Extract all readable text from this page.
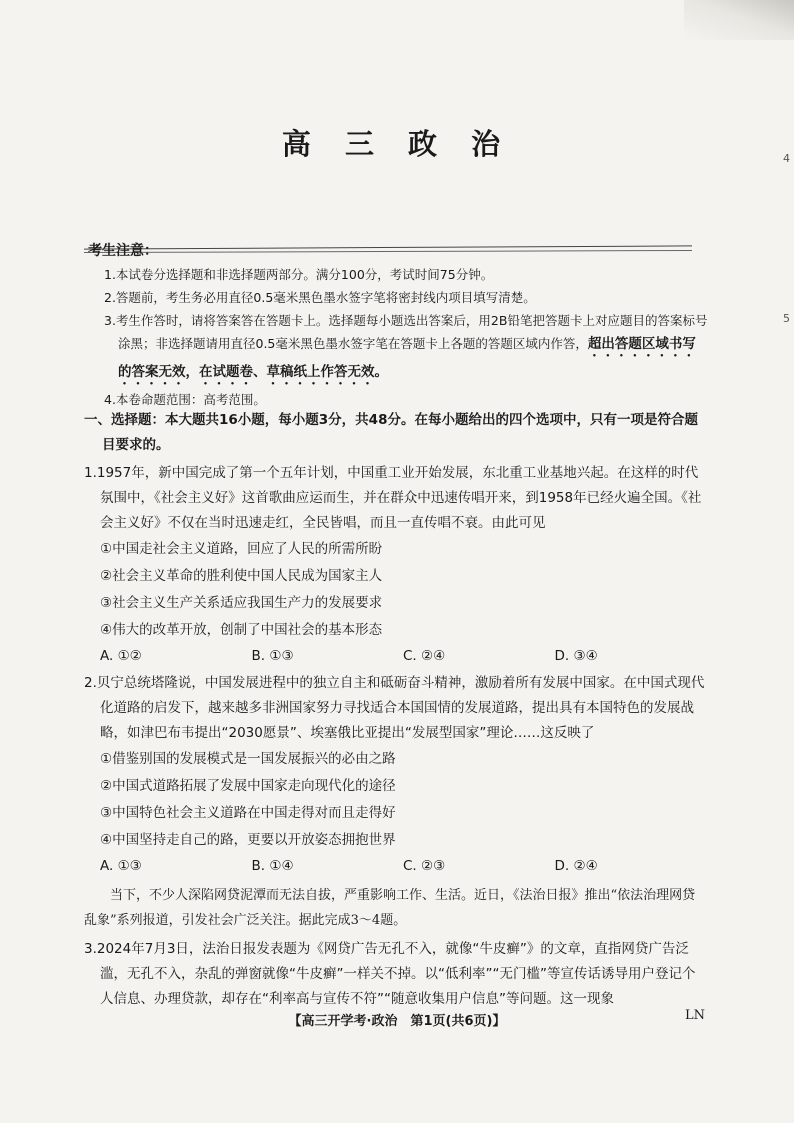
4
5
高 三 政 治
考生注意：
1.本试卷分选择题和非选择题两部分。满分100分，考试时间75分钟。
2.答题前，考生务必用直径0.5毫米黑色墨水签字笔将密封线内项目填写清楚。
3.考生作答时，请将答案答在答题卡上。选择题每小题选出答案后，用2B铅笔把答题卡上对应题目的答案标号涂黑；非选择题请用直径0.5毫米黑色墨水签字笔在答题卡上各题的答题区域内作答，超出答题区域书写的答案无效，在试题卷、草稿纸上作答无效。
4.本卷命题范围：高考范围。
一、选择题：本大题共16小题，每小题3分，共48分。在每小题给出的四个选项中，只有一项是符合题目要求的。
1.1957年，新中国完成了第一个五年计划，中国重工业开始发展，东北重工业基地兴起。在这样的时代氛围中，《社会主义好》这首歌曲应运而生，并在群众中迅速传唱开来，到1958年已经火遍全国。《社会主义好》不仅在当时迅速走红，全民皆唱，而且一直传唱不衰。由此可见
①中国走社会主义道路，回应了人民的所需所盼
②社会主义革命的胜利使中国人民成为国家主人
③社会主义生产关系适应我国生产力的发展要求
④伟大的改革开放，创制了中国社会的基本形态
A. ①②	B. ①③	C. ②④	D. ③④
2.贝宁总统塔隆说，中国发展进程中的独立自主和砥砺奋斗精神，激励着所有发展中国家。在中国式现代化道路的启发下，越来越多非洲国家努力寻找适合本国国情的发展道路，提出具有本国特色的发展战略，如津巴布韦提出“2030愿景”、埃塞俄比亚提出“发展型国家”理论……这反映了
①借鉴别国的发展模式是一国发展振兴的必由之路
②中国式道路拓展了发展中国家走向现代化的途径
③中国特色社会主义道路在中国走得对而且走得好
④中国坚持走自己的路，更要以开放姿态拥抱世界
A. ①③	B. ①④	C. ②③	D. ②④
当下，不少人深陷网贷泥潭而无法自拔，严重影响工作、生活。近日，《法治日报》推出“依法治理网贷乱象”系列报道，引发社会广泛关注。据此完成3～4题。
3.2024年7月3日，法治日报发表题为《网贷广告无孔不入，就像“牛皮癣”》的文章，直指网贷广告泛滥，无孔不入，杂乱的弹窗就像“牛皮癣”一样关不掉。以“低利率”“无门槛”等宣传话诱导用户登记个人信息、办理贷款，却存在“利率高与宣传不符”“随意收集用户信息”等问题。这一现象
【高三开学考·政治　第1页(共6页)】	LN
